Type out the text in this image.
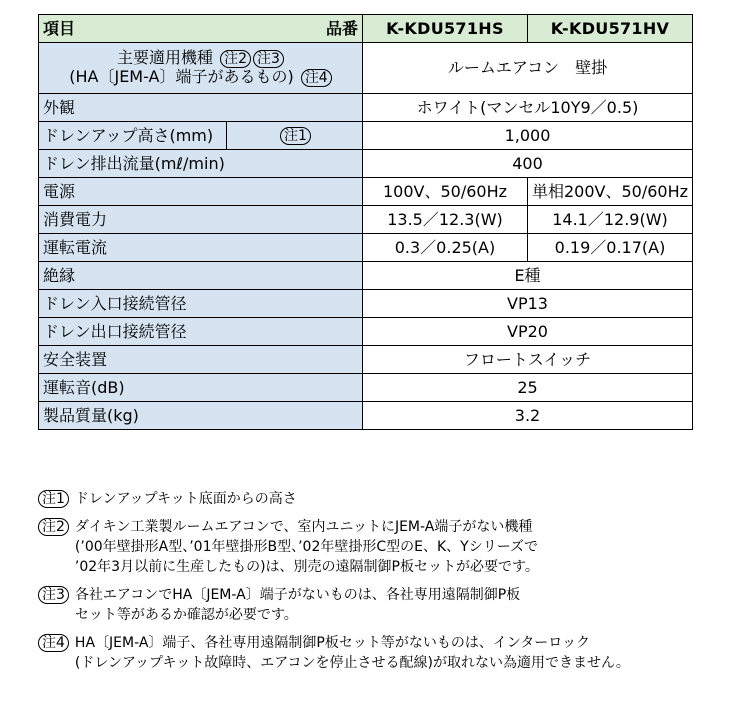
項目 品番		K-KDU571HS	K-KDU571HV

主要適用機種 注2 注3
(HA〔JEM-A〕端子があるもの) 注4		ルームエアコン　壁掛	
外観		ホワイト(マンセル10Y9／0.5)	
ドレンアップ高さ(mm)	注1	1,000	
ドレン排出流量(mℓ/min)		400	
電源		100V、50/60Hz	単相200V、50/60Hz
消費電力		13.5／12.3(W)	14.1／12.9(W)
運転電流		0.3／0.25(A)	0.19／0.17(A)
絶縁		E種	
ドレン入口接続管径		VP13	
ドレン出口接続管径		VP20	
安全装置		フロートスイッチ	
運転音(dB)		25	
製品質量(kg)		3.2	
注1 ドレンアップキット底面からの高さ
注2 ダイキン工業製ルームエアコンで、室内ユニットにJEM-A端子がない機種
(’00年壁掛形A型、’01年壁掛形B型、’02年壁掛形C型のE、K、Yシリーズで
’02年3月以前に生産したもの)は、別売の遠隔制御P板セットが必要です。
注3 各社エアコンでHA〔JEM-A〕端子がないものは、各社専用遠隔制御P板
セット等があるか確認が必要です。
注4 HA〔JEM-A〕端子、各社専用遠隔制御P板セット等がないものは、インターロック
(ドレンアップキット故障時、エアコンを停止させる配線)が取れない為適用できません。
